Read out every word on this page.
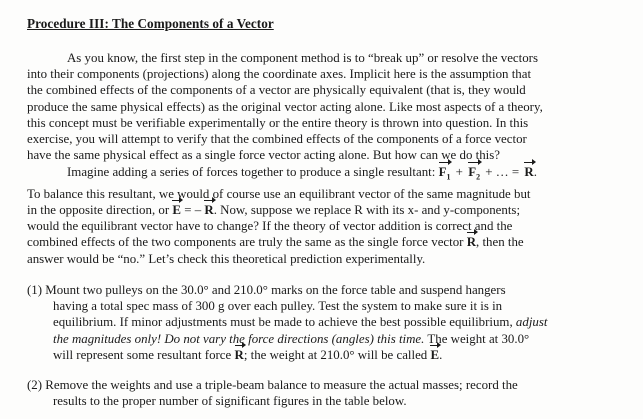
Procedure III: The Components of a Vector
As you know, the first step in the component method is to “break up” or resolve the vectors
into their components (projections) along the coordinate axes. Implicit here is the assumption that
the combined effects of the components of a vector are physically equivalent (that is, they would
produce the same physical effects) as the original vector acting alone. Like most aspects of a theory,
this concept must be verifiable experimentally or the entire theory is thrown into question. In this
exercise, you will attempt to verify that the combined effects of the components of a force vector
have the same physical effect as a single force vector acting alone. But how can we do this?
Imagine adding a series of forces together to produce a single resultant: $F_1 + F_2$ + … = R.
To balance this resultant, we would of course use an equilibrant vector of the same magnitude but
in the opposite direction, or E = – R. Now, suppose we replace R with its x- and y-components;
would the equilibrant vector have to change? If the theory of vector addition is correct and the
combined effects of the two components are truly the same as the single force vector R, then the
answer would be “no.” Let’s check this theoretical prediction experimentally.
(1) Mount two pulleys on the 30.0° and 210.0° marks on the force table and suspend hangers
having a total spec mass of 300 g over each pulley. Test the system to make sure it is in
equilibrium. If minor adjustments must be made to achieve the best possible equilibrium, adjust
the magnitudes only! Do not vary the force directions (angles) this time. The weight at 30.0°
will represent some resultant force R; the weight at 210.0° will be called E.
(2) Remove the weights and use a triple-beam balance to measure the actual masses; record the
results to the proper number of significant figures in the table below.
